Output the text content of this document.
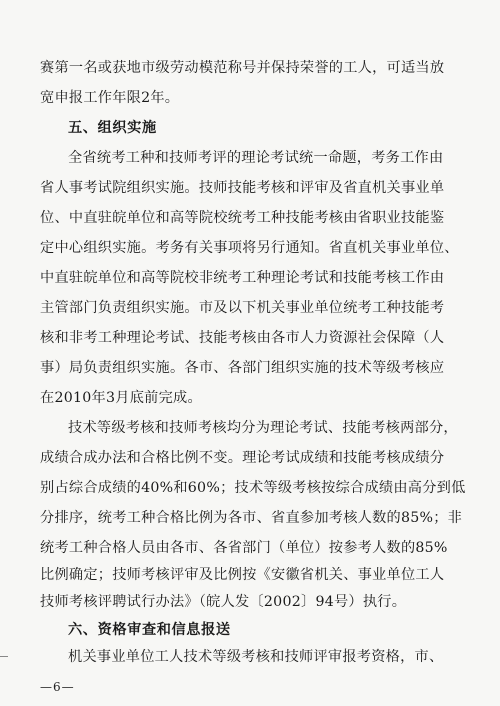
赛第一名或获地市级劳动模范称号并保持荣誉的工人，可适当放
宽申报工作年限2年。
五、组织实施
全省统考工种和技师考评的理论考试统一命题，考务工作由
省人事考试院组织实施。技师技能考核和评审及省直机关事业单
位、中直驻皖单位和高等院校统考工种技能考核由省职业技能鉴
定中心组织实施。考务有关事项将另行通知。省直机关事业单位、
中直驻皖单位和高等院校非统考工种理论考试和技能考核工作由
主管部门负责组织实施。市及以下机关事业单位统考工种技能考
核和非考工种理论考试、技能考核由各市人力资源社会保障（人
事）局负责组织实施。各市、各部门组织实施的技术等级考核应
在2010年3月底前完成。
技术等级考核和技师考核均分为理论考试、技能考核两部分，
成绩合成办法和合格比例不变。理论考试成绩和技能考核成绩分
别占综合成绩的40%和60%；技术等级考核按综合成绩由高分到低
分排序，统考工种合格比例为各市、省直参加考核人数的85%；非
统考工种合格人员由各市、各省部门（单位）按参考人数的85%
比例确定；技师考核评审及比例按《安徽省机关、事业单位工人
技师考核评聘试行办法》（皖人发〔2002〕94号）执行。
六、资格审查和信息报送
机关事业单位工人技术等级考核和技师评审报考资格，市、
—6—
